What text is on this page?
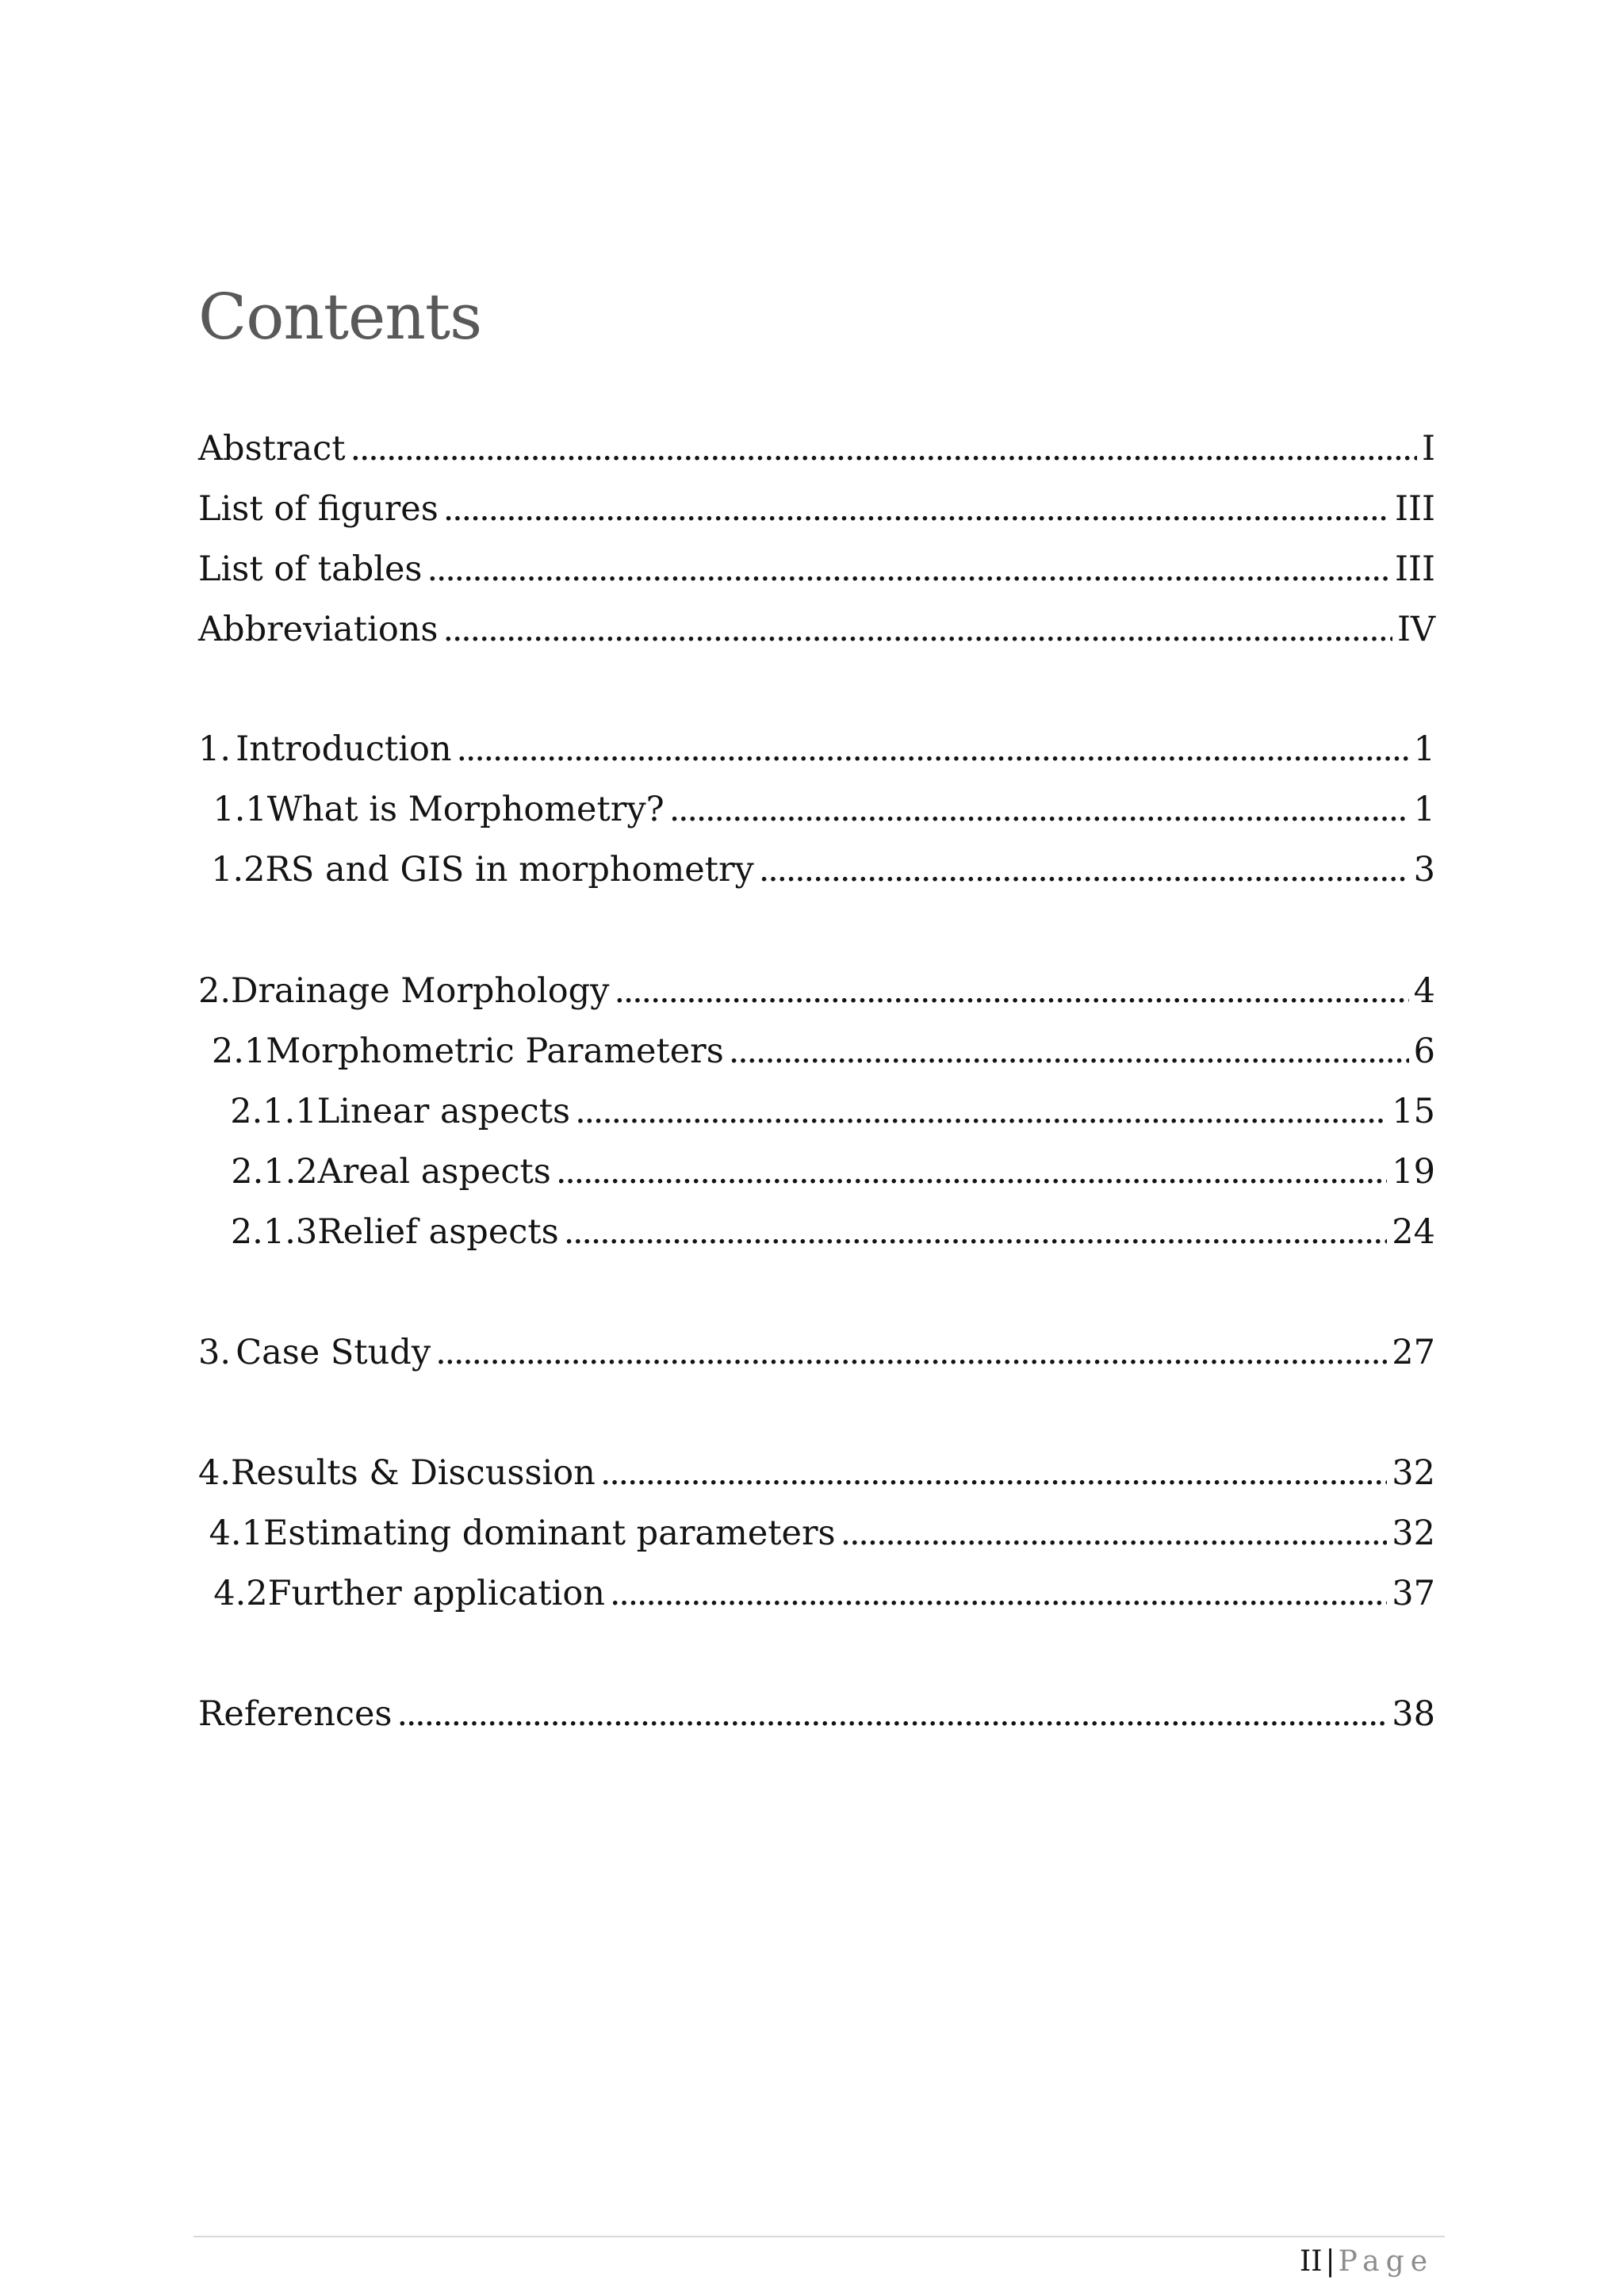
Contents
Abstract . . .	I
List of figures . . .	III
List of tables . . .	III
Abbreviations . . .	IV
1. Introduction . . .	1
1.1 What is Morphometry? . . .	1
1.2 RS and GIS in morphometry . . .	3
2. Drainage Morphology . . .	4
2.1 Morphometric Parameters . . .	6
2.1.1 Linear aspects . . .	15
2.1.2 Areal aspects . . .	19
2.1.3 Relief aspects . . .	24
3. Case Study . . .	27
4. Results & Discussion . . .	32
4.1 Estimating dominant parameters . . .	32
4.2 Further application . . .	37
References . . .	38
II | Page
